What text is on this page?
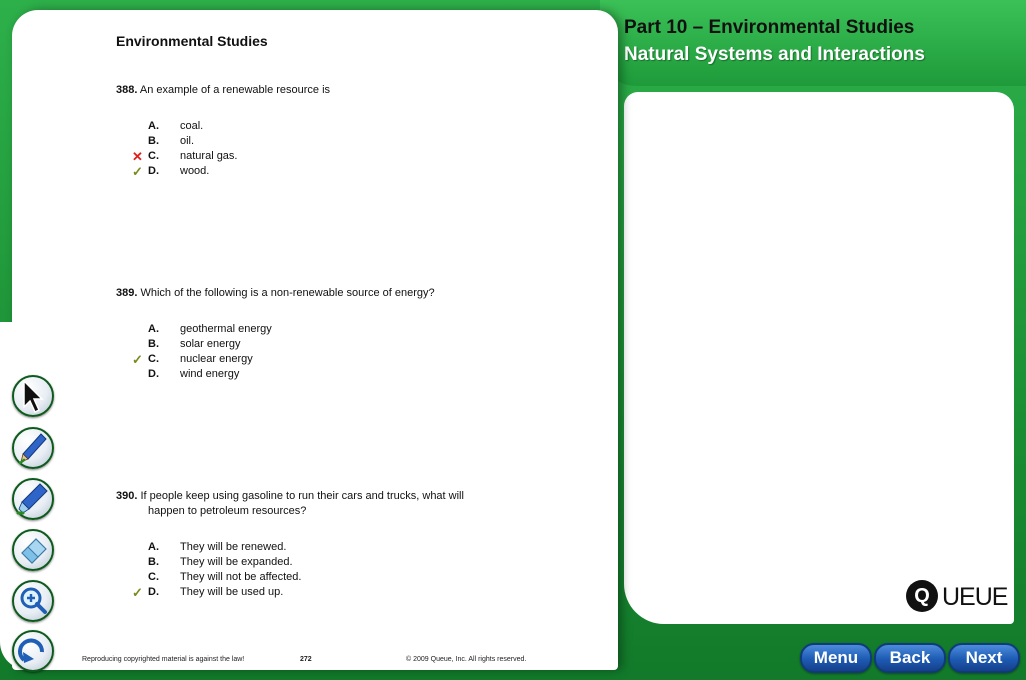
Part 10 – Environmental Studies
Natural Systems and Interactions
Q UEUE
Environmental Studies
388. An example of a renewable resource is
A. coal.
B. oil.
✕ C. natural gas.
✓ D. wood.
389. Which of the following is a non-renewable source of energy?
A. geothermal energy
B. solar energy
✓ C. nuclear energy
D. wind energy
390. If people keep using gasoline to run their cars and trucks, what will
happen to petroleum resources?
A. They will be renewed.
B. They will be expanded.
C. They will not be affected.
✓ D. They will be used up.
Reproducing copyrighted material is against the law!	272	© 2009 Queue, Inc. All rights reserved.	Menu	Back	Next
